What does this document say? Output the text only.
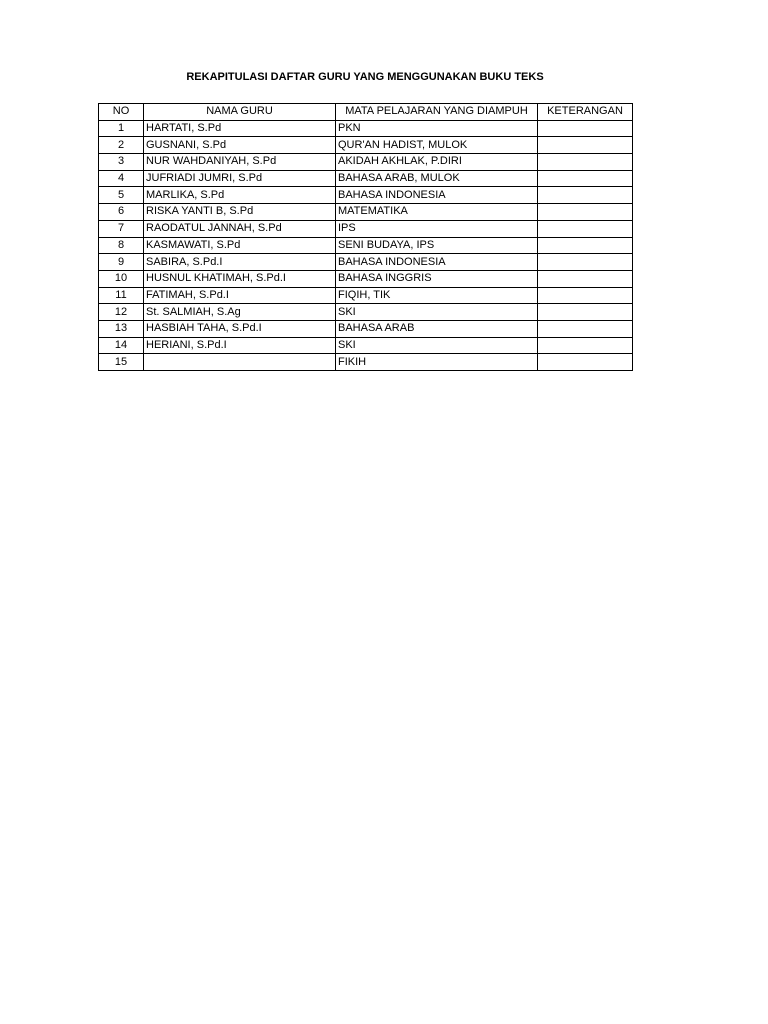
REKAPITULASI DAFTAR GURU YANG MENGGUNAKAN BUKU TEKS
NO	NAMA GURU	MATA PELAJARAN YANG DIAMPUH	KETERANGAN
1	HARTATI, S.Pd	PKN	
2	GUSNANI, S.Pd	QUR'AN HADIST, MULOK	
3	NUR WAHDANIYAH, S.Pd	AKIDAH AKHLAK, P.DIRI	
4	JUFRIADI JUMRI, S.Pd	BAHASA ARAB, MULOK	
5	MARLIKA, S.Pd	BAHASA INDONESIA	
6	RISKA YANTI B, S.Pd	MATEMATIKA	
7	RAODATUL JANNAH, S.Pd	IPS	
8	KASMAWATI, S.Pd	SENI BUDAYA, IPS	
9	SABIRA, S.Pd.I	BAHASA INDONESIA	
10	HUSNUL KHATIMAH, S.Pd.I	BAHASA INGGRIS	
11	FATIMAH, S.Pd.I	FIQIH, TIK	
12	St. SALMIAH, S.Ag	SKI	
13	HASBIAH TAHA, S.Pd.I	BAHASA ARAB	
14	HERIANI, S.Pd.I	SKI	
15		FIKIH	
